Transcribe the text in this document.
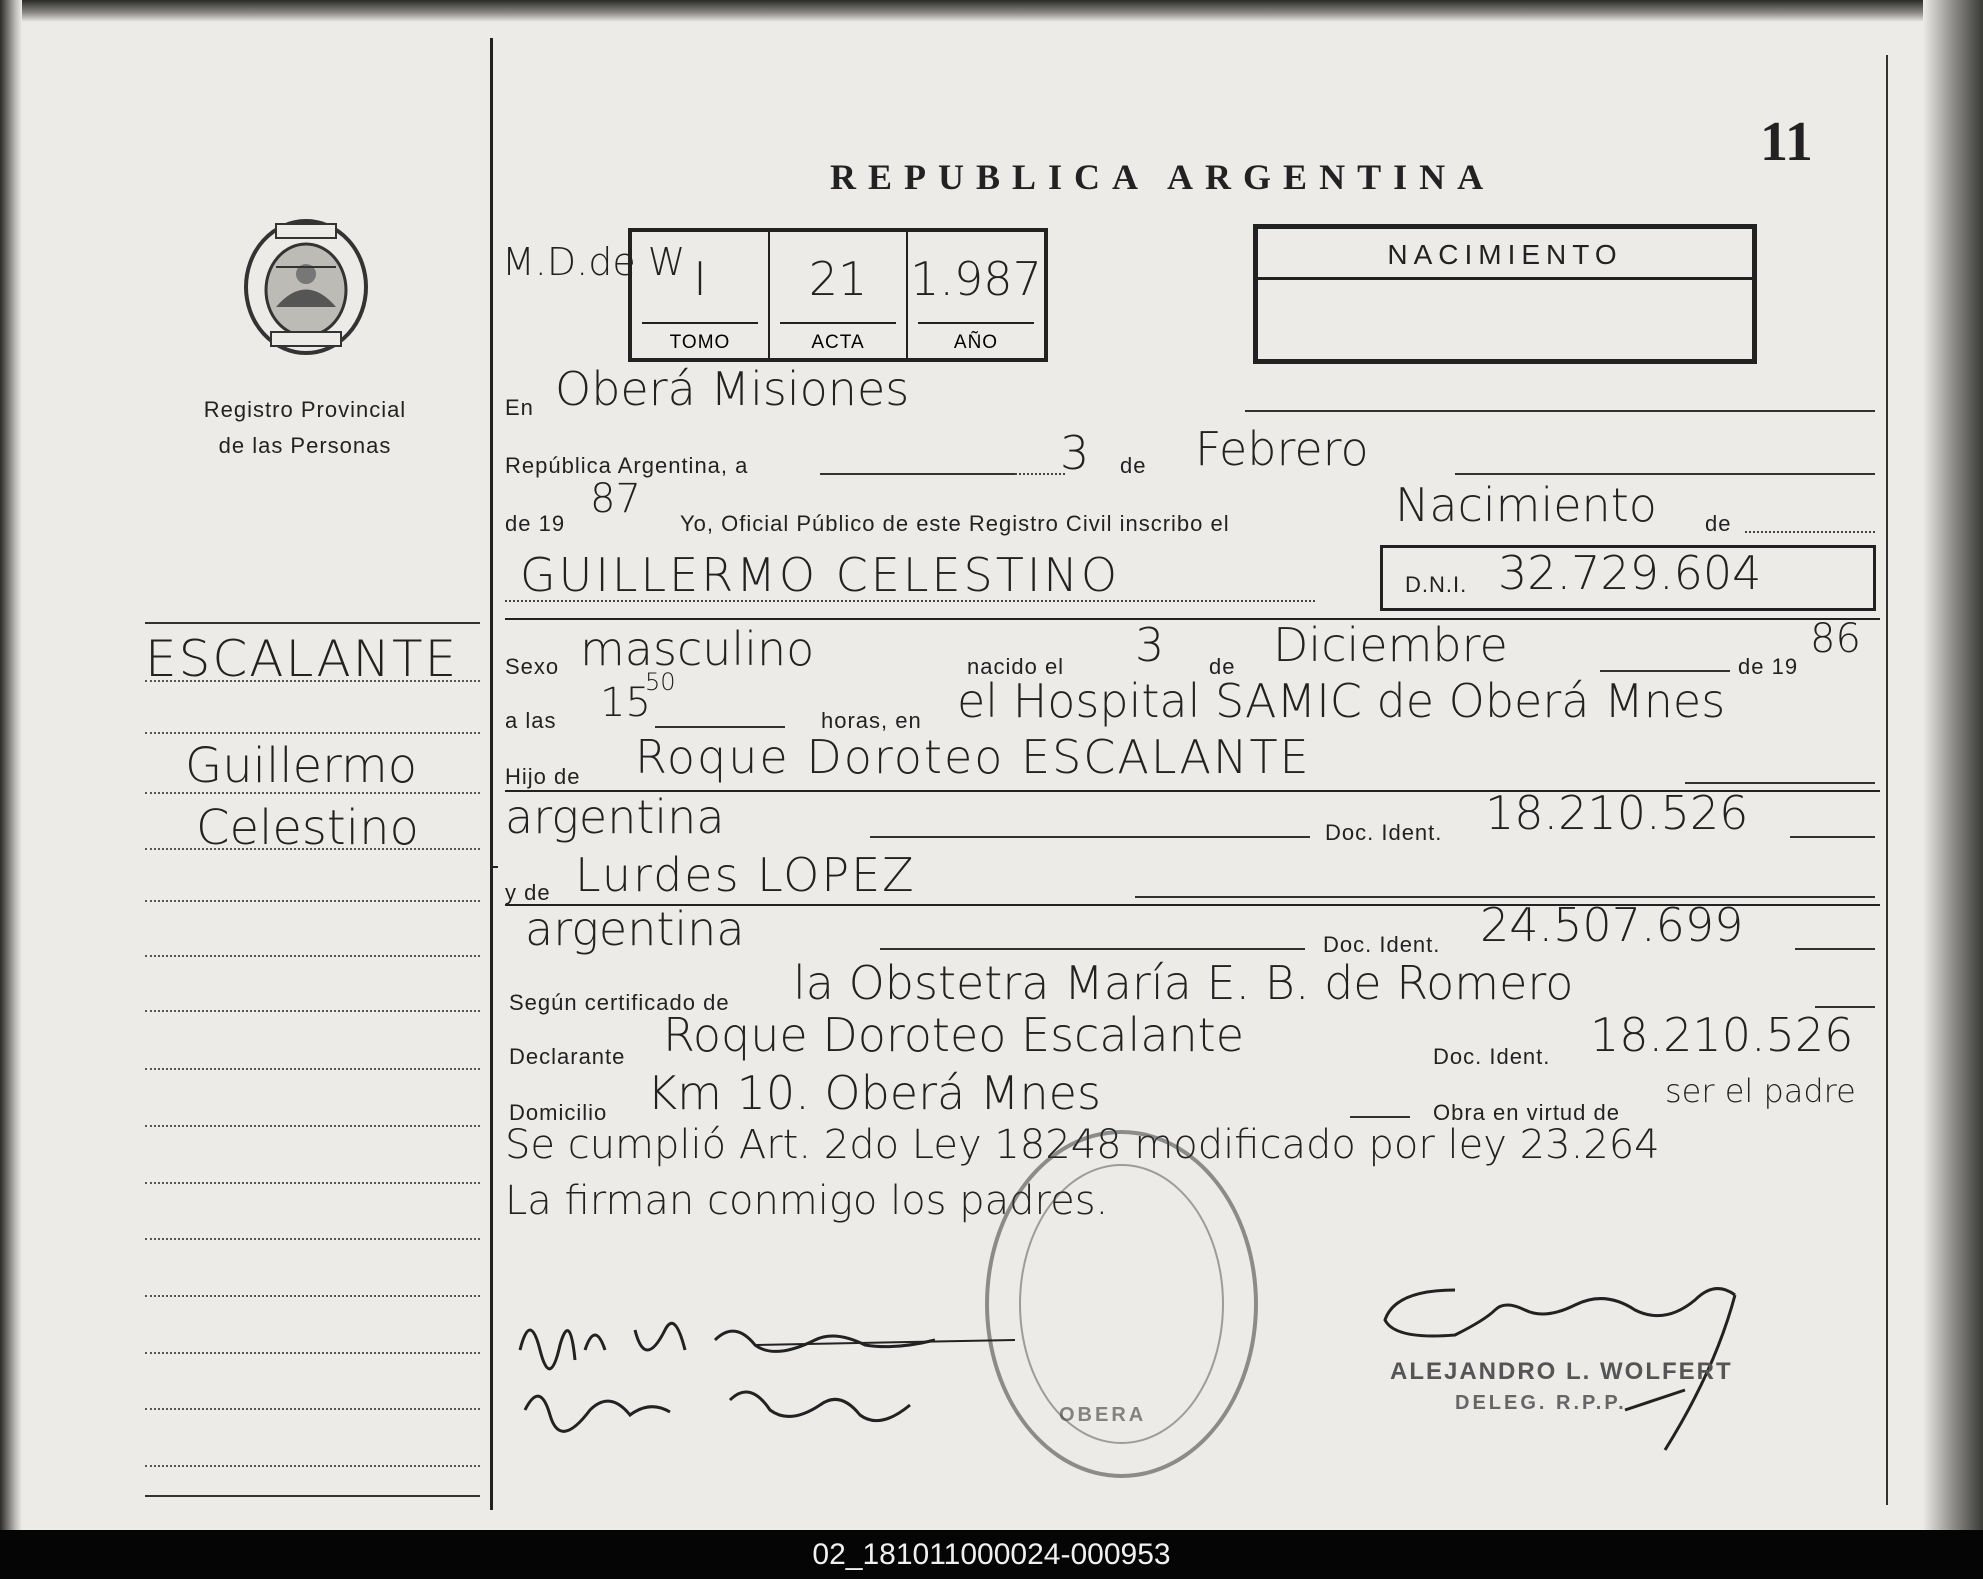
Registro Provincial
de las Personas
ESCALANTE
Guillermo
Celestino
REPUBLICA ARGENTINA
11
M.D.de W I
TOMO
21
ACTA
1.987
AÑO
NACIMIENTO
En Oberá Misiones
República Argentina, a	3 de Febrero
de 19
87
Yo, Oficial Público de este Registro Civil inscribo el	Nacimiento de
GUILLERMO CELESTINO	D.N.I. 32.729.604
Sexo masculino	nacido el 3 de Diciembre	de 19
86
a las 15
50
horas, en el Hospital SAMIC de Oberá Mnes
Hijo de Roque Doroteo ESCALANTE
argentina	Doc. Ident. 18.210.526
y de Lurdes LOPEZ
argentina	Doc. Ident. 24.507.699
Según certificado de la Obstetra María E. B. de Romero
Declarante Roque Doroteo Escalante	Doc. Ident. 18.210.526
Domicilio Km 10. Oberá Mnes	Obra en virtud de
ser el padre
Se cumplió Art. 2do Ley 18248 modificado por ley 23.264
La firman conmigo los padres.
OBERA
ALEJANDRO L. WOLFERT
DELEG. R.P.P.
02_181011000024-000953
